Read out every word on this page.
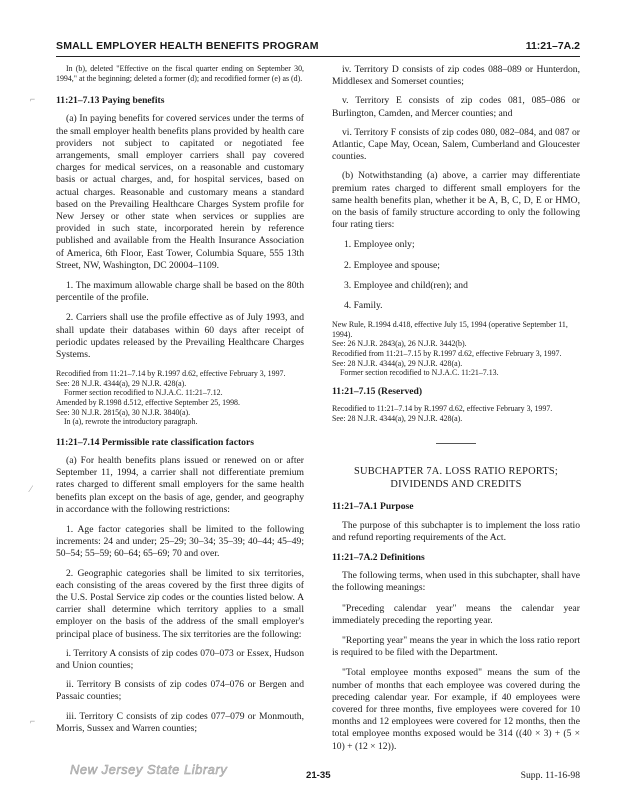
SMALL EMPLOYER HEALTH BENEFITS PROGRAM	11:21–7A.2
⌐
⁄
⌐

In (b), deleted "Effective on the fiscal quarter ending on September 30, 1994," at the beginning; deleted a former (d); and recodified former (e) as (d).

11:21–7.13 Paying benefits

(a) In paying benefits for covered services under the terms of the small employer health benefits plans provided by health care providers not subject to capitated or negotiated fee arrangements, small employer carriers shall pay covered charges for medical services, on a reasonable and customary basis or actual charges, and, for hospital services, based on actual charges. Reasonable and customary means a standard based on the Prevailing Healthcare Charges System profile for New Jersey or other state when services or supplies are provided in such state, incorporated herein by reference published and available from the Health Insurance Association of America, 6th Floor, East Tower, Columbia Square, 555 13th Street, NW, Washington, DC 20004–1109.

1. The maximum allowable charge shall be based on the 80th percentile of the profile.

2. Carriers shall use the profile effective as of July 1993, and shall update their databases within 60 days after receipt of periodic updates released by the Prevailing Healthcare Charges Systems.

Recodified from 11:21–7.14 by R.1997 d.62, effective February 3, 1997.
See: 28 N.J.R. 4344(a), 29 N.J.R. 428(a).
Former section recodified to N.J.A.C. 11:21–7.12.
Amended by R.1998 d.512, effective September 25, 1998.
See: 30 N.J.R. 2815(a), 30 N.J.R. 3840(a).
In (a), rewrote the introductory paragraph.
11:21–7.14 Permissible rate classification factors

(a) For health benefits plans issued or renewed on or after September 11, 1994, a carrier shall not differentiate premium rates charged to different small employers for the same health benefits plan except on the basis of age, gender, and geography in accordance with the following restrictions:

1. Age factor categories shall be limited to the following increments: 24 and under; 25–29; 30–34; 35–39; 40–44; 45–49; 50–54; 55–59; 60–64; 65–69; 70 and over.

2. Geographic categories shall be limited to six territories, each consisting of the areas covered by the first three digits of the U.S. Postal Service zip codes or the counties listed below. A carrier shall determine which territory applies to a small employer on the basis of the address of the small employer's principal place of business. The six territories are the following:

i. Territory A consists of zip codes 070–073 or Essex, Hudson and Union counties;

ii. Territory B consists of zip codes 074–076 or Bergen and Passaic counties;

iii. Territory C consists of zip codes 077–079 or Monmouth, Morris, Sussex and Warren counties;

iv. Territory D consists of zip codes 088–089 or Hunterdon, Middlesex and Somerset counties;

v. Territory E consists of zip codes 081, 085–086 or Burlington, Camden, and Mercer counties; and

vi. Territory F consists of zip codes 080, 082–084, and 087 or Atlantic, Cape May, Ocean, Salem, Cumberland and Gloucester counties.

(b) Notwithstanding (a) above, a carrier may differentiate premium rates charged to different small employers for the same health benefits plan, whether it be A, B, C, D, E or HMO, on the basis of family structure according to only the following four rating tiers:

1. Employee only;

2. Employee and spouse;

3. Employee and child(ren); and

4. Family.

New Rule, R.1994 d.418, effective July 15, 1994 (operative September 11, 1994).
See: 26 N.J.R. 2843(a), 26 N.J.R. 3442(b).
Recodified from 11:21–7.15 by R.1997 d.62, effective February 3, 1997.
See: 28 N.J.R. 4344(a), 29 N.J.R. 428(a).
Former section recodified to N.J.A.C. 11:21–7.13.
11:21–7.15 (Reserved)
Recodified to 11:21–7.14 by R.1997 d.62, effective February 3, 1997.
See: 28 N.J.R. 4344(a), 29 N.J.R. 428(a).
SUBCHAPTER 7A. LOSS RATIO REPORTS;
DIVIDENDS AND CREDITS
11:21–7A.1 Purpose

The purpose of this subchapter is to implement the loss ratio and refund reporting requirements of the Act.

11:21–7A.2 Definitions

The following terms, when used in this subchapter, shall have the following meanings:

"Preceding calendar year" means the calendar year immediately preceding the reporting year.

"Reporting year" means the year in which the loss ratio report is required to be filed with the Department.

"Total employee months exposed" means the sum of the number of months that each employee was covered during the preceding calendar year. For example, if 40 employees were covered for three months, five employees were covered for 10 months and 12 employees were covered for 12 months, then the total employee months exposed would be 314 ((40 × 3) + (5 × 10) + (12 × 12)).

New Jersey State Library	21-35	Supp. 11-16-98
